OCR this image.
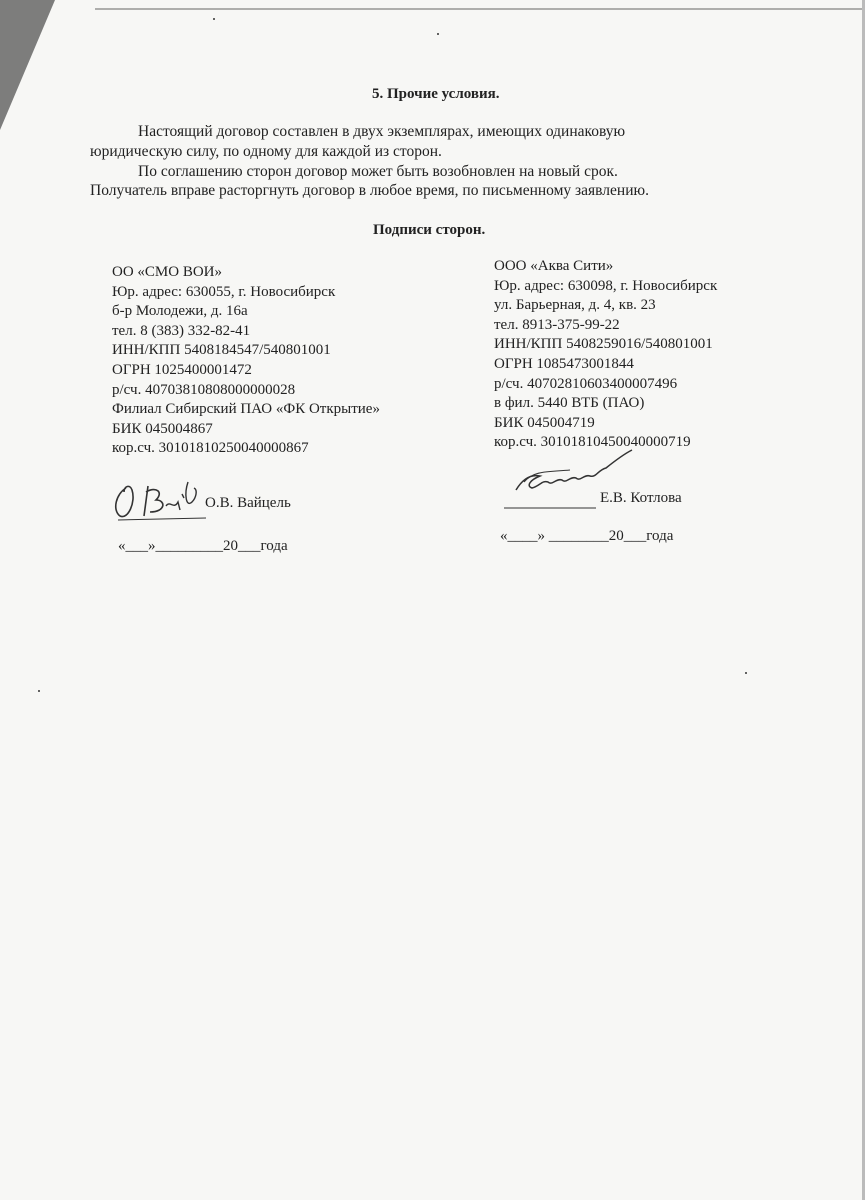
5. Прочие условия.
Настоящий договор составлен в двух экземплярах, имеющих одинаковую
юридическую силу, по одному для каждой из сторон.
По соглашению сторон договор может быть возобновлен на новый срок.
Получатель вправе расторгнуть договор в любое время, по письменному заявлению.
Подписи сторон.
ОО «СМО ВОИ»
Юр. адрес: 630055, г. Новосибирск
б-р Молодежи, д. 16а
тел. 8 (383) 332-82-41
ИНН/КПП 5408184547/540801001
ОГРН 1025400001472
р/сч. 40703810808000000028
Филиал Сибирский ПАО «ФК Открытие»
БИК 045004867
кор.сч. 30101810250040000867
ООО «Аква Сити»
Юр. адрес: 630098, г. Новосибирск
ул. Барьерная, д. 4, кв. 23
тел. 8913-375-99-22
ИНН/КПП 5408259016/540801001
ОГРН 1085473001844
р/сч. 40702810603400007496
в фил. 5440 ВТБ (ПАО)
БИК 045004719
кор.сч. 30101810450040000719
О.В. Вайцель
«___»_________20___года
Е.В. Котлова
«____» ________20___года
